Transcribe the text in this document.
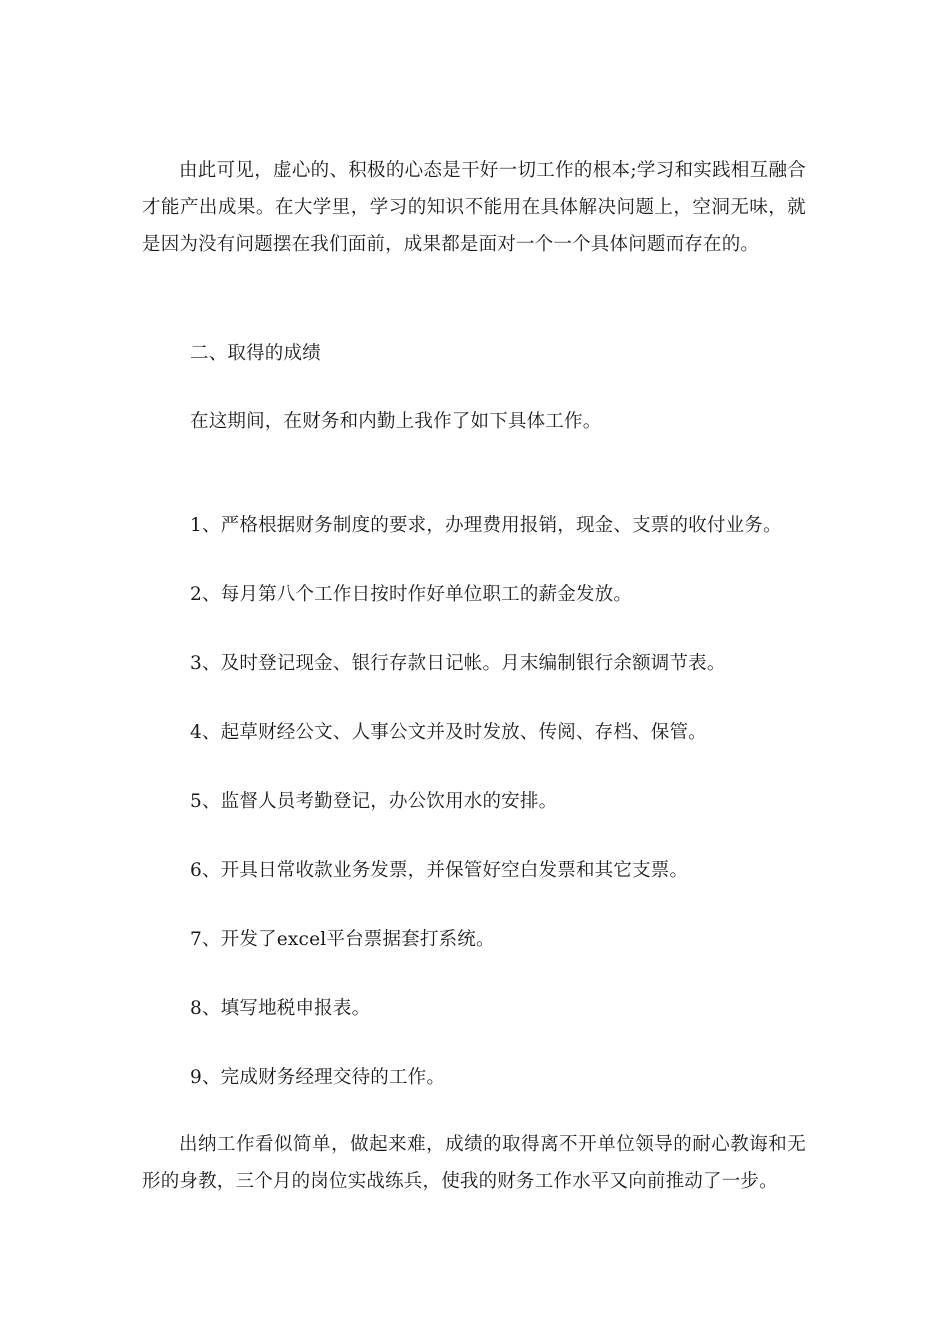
由此可见，虚心的、积极的心态是干好一切工作的根本;学习和实践相互融合才能产出成果。在大学里，学习的知识不能用在具体解决问题上，空洞无味，就是因为没有问题摆在我们面前，成果都是面对一个一个具体问题而存在的。

二、取得的成绩

在这期间，在财务和内勤上我作了如下具体工作。

1、严格根据财务制度的要求，办理费用报销，现金、支票的收付业务。

2、每月第八个工作日按时作好单位职工的薪金发放。

3、及时登记现金、银行存款日记帐。月末编制银行余额调节表。

4、起草财经公文、人事公文并及时发放、传阅、存档、保管。

5、监督人员考勤登记，办公饮用水的安排。

6、开具日常收款业务发票，并保管好空白发票和其它支票。

7、开发了excel平台票据套打系统。

8、填写地税申报表。

9、完成财务经理交待的工作。

出纳工作看似简单，做起来难，成绩的取得离不开单位领导的耐心教诲和无形的身教，三个月的岗位实战练兵，使我的财务工作水平又向前推动了一步。
